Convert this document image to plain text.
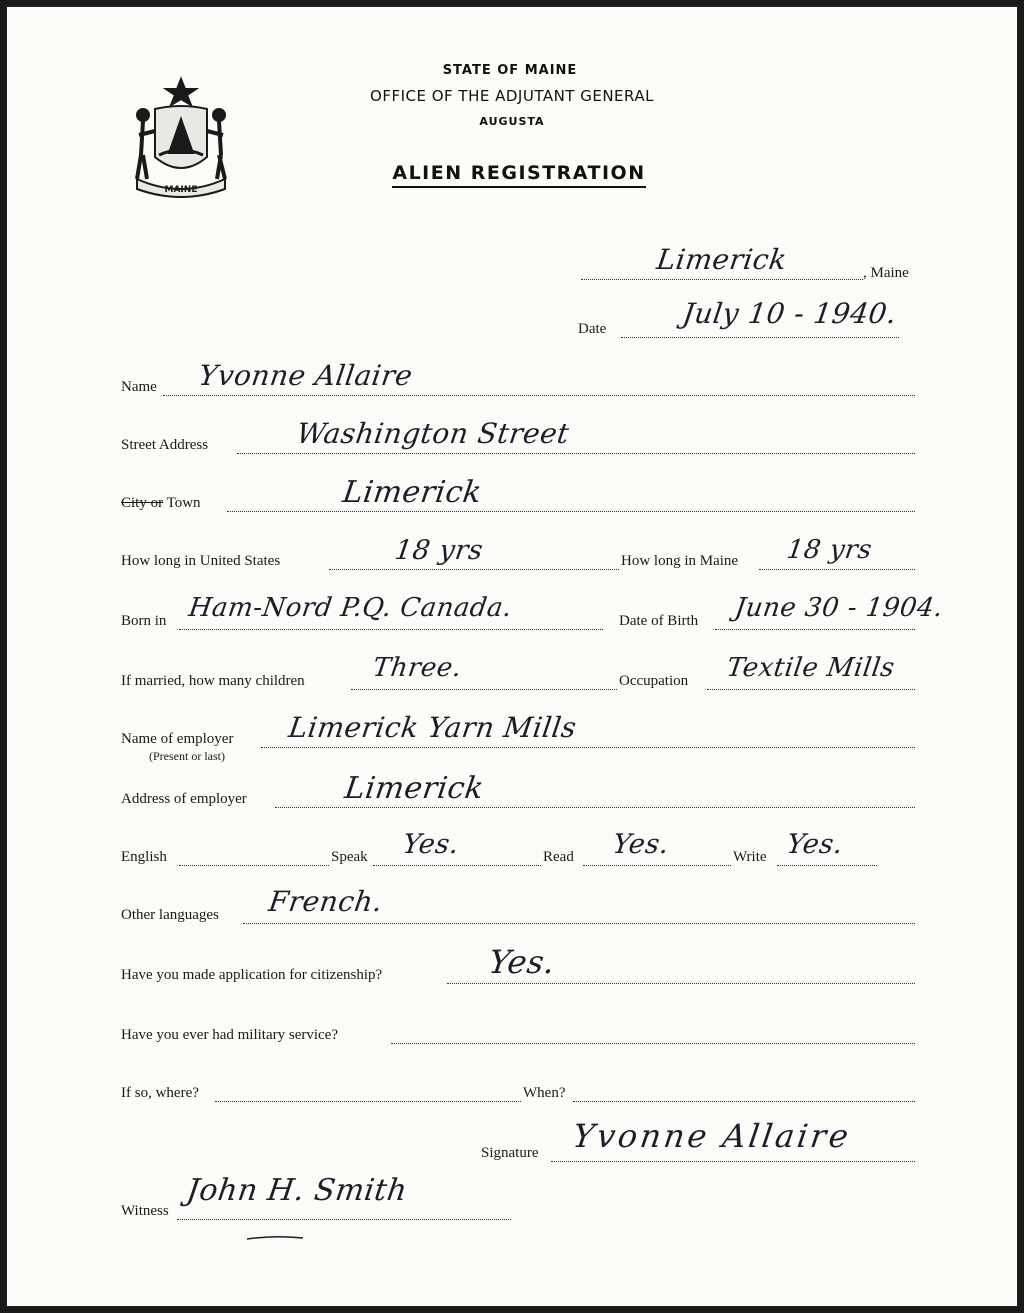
MAINE
STATE OF MAINE
OFFICE OF THE ADJUTANT GENERAL
AUGUSTA
ALIEN REGISTRATION
Limerick	, Maine
Date	July 10 - 1940.
Name Yvonne Allaire
Street Address	Washington Street
City or Town	Limerick
How long in United States	18 yrs	How long in Maine 18 yrs
Born in Ham-Nord P.Q. Canada.	Date of Birth June 30 - 1904.
If married, how many children	Three.	Occupation Textile Mills
Name of employer
(Present or last)
Limerick Yarn Mills
Address of employer	Limerick
English	Speak Yes.	Read Yes.	Write Yes.
Other languages French.
Have you made application for citizenship?	Yes.
Have you ever had military service?
If so, where?	When?
Signature Yvonne Allaire
Witness
John H. Smith
